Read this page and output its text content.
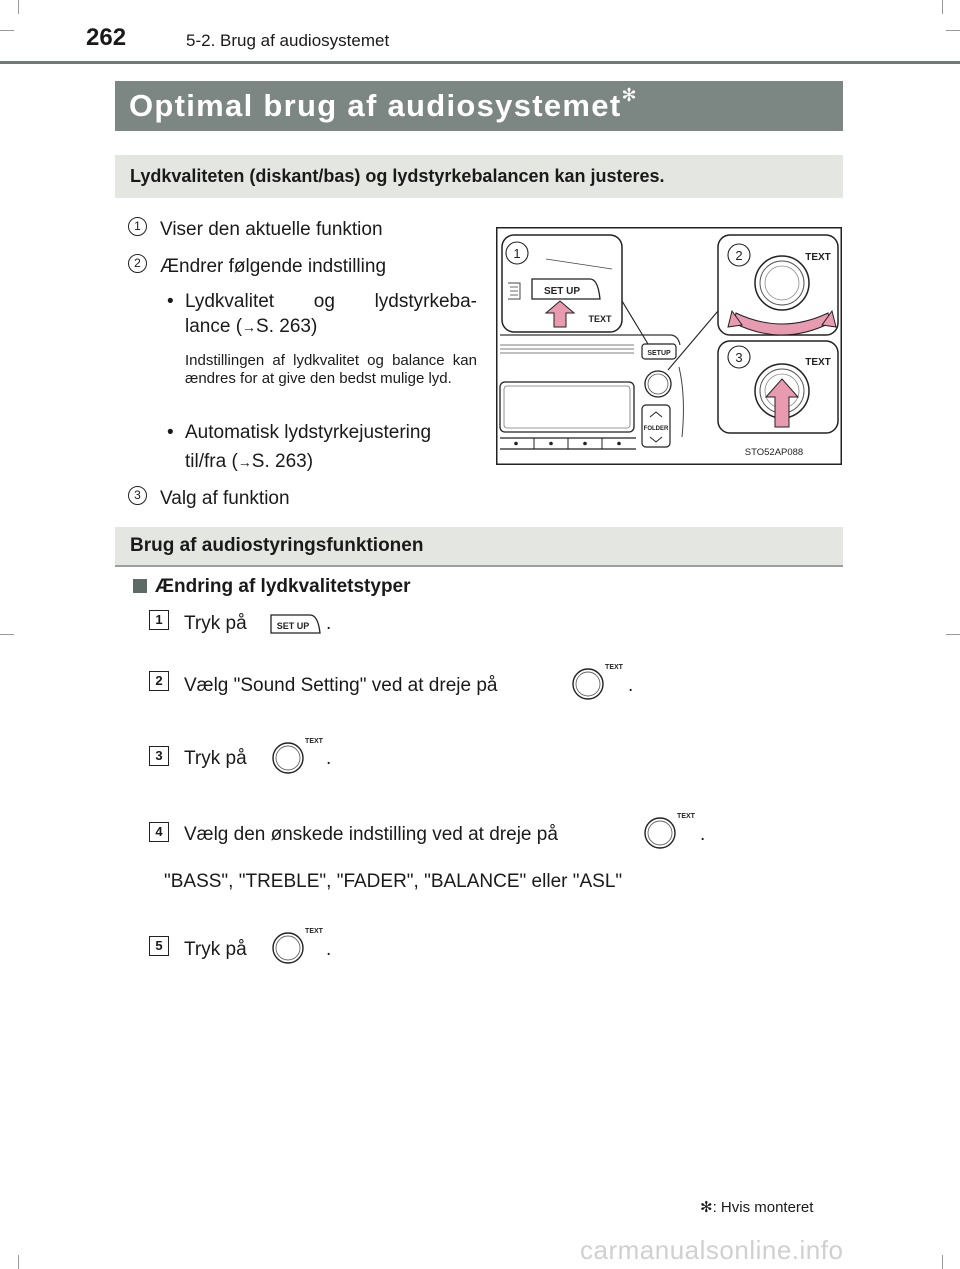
262	5-2. Brug af audiosystemet
Optimal brug af audiosystemet ✻
Lydkvaliteten (diskant/bas) og lydstyrkebalancen kan justeres.
1	Viser den aktuelle funktion
2	Ændrer følgende indstilling
• Lydkvalitet og lydstyrkeba-
lance (→S. 263)
Indstillingen af lydkvalitet og balance kan ændres for at give den bedst mulige lyd.
• Automatisk lydstyrkejustering
til/fra (→S. 263)
3	Valg af funktion
SETUP
FOLDER
1
SET UP
TEXT
2	TEXT
3	TEXT
STO52AP088
Brug af audiostyringsfunktionen
Ændring af lydkvalitetstyper
1	Tryk på	SET UP .
2	Vælg "Sound Setting" ved at dreje på
TEXT
.
3	Tryk på
TEXT
.
4	Vælg den ønskede indstilling ved at dreje på
TEXT
.
"BASS", "TREBLE", "FADER", "BALANCE" eller "ASL"
5	Tryk på
TEXT
.
✻: Hvis monteret
carmanualsonline.info
